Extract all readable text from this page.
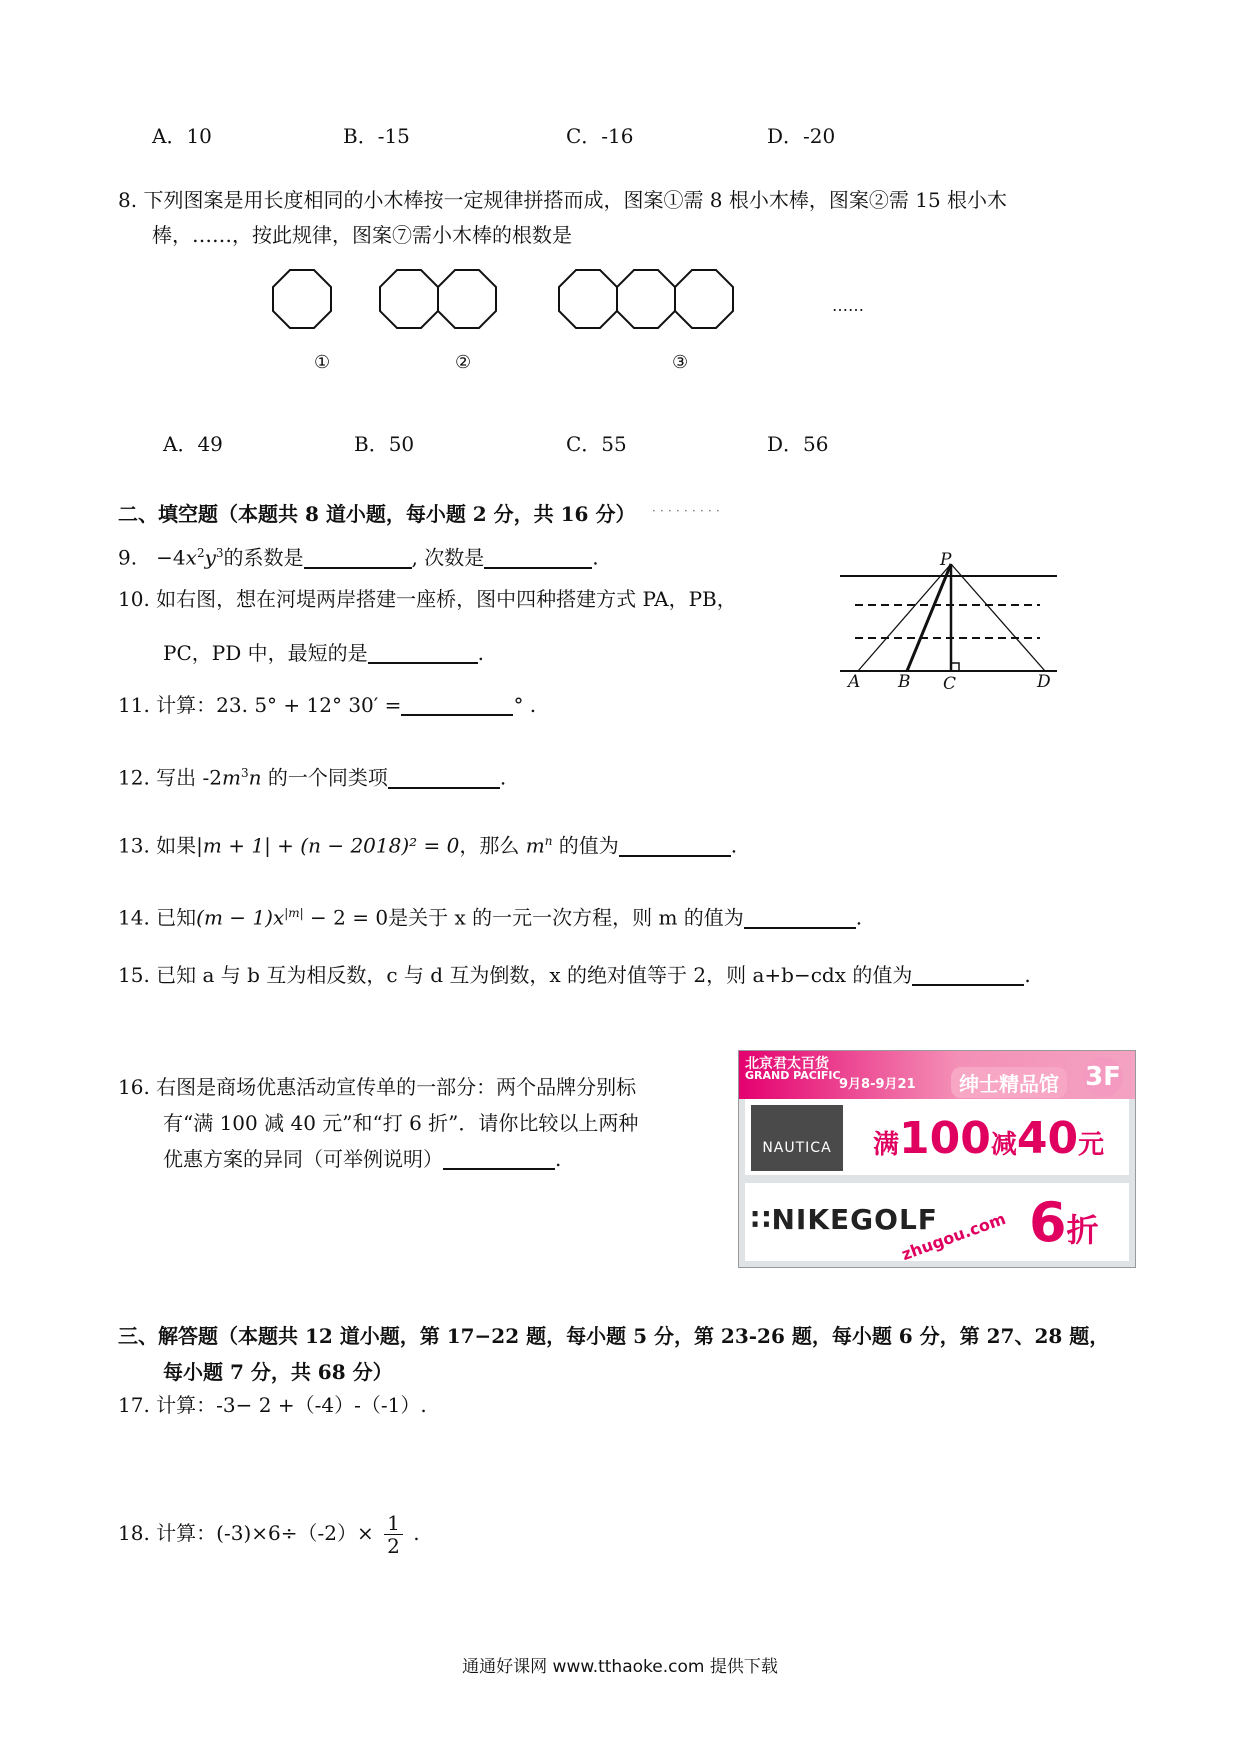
A．10	B．-15	C．-16	D．-20
8. 下列图案是用长度相同的小木棒按一定规律拼搭而成，图案①需 8 根小木棒，图案②需 15 根小木
棒，……，按此规律，图案⑦需小木棒的根数是
①	②	③
……
A．49	B．50	C．55	D．56
二、填空题（本题共 8 道小题，每小题 2 分，共 16 分） ．．．．．．．．．
9. $-4x^2y^3$的系数是	, 次数是	.
10. 如右图，想在河堤两岸搭建一座桥，图中四种搭建方式 PA，PB，
PC，PD 中，最短的是	.
P
A B C	D
11. 计算：23. 5° + 12° 30′ =	° .
12. 写出 $-2m^3n$ 的一个同类项	.
13. 如果|m + 1| + (n − 2018)² = 0，那么 $m^n$ 的值为	.
14. 已知$(m - 1)x^{|m|} - 2 = 0$是关于 x 的一元一次方程，则 m 的值为	.
15. 已知 a 与 b 互为相反数，c 与 d 互为倒数，x 的绝对值等于 2，则 a+b−cdx 的值为	.
16. 右图是商场优惠活动宣传单的一部分：两个品牌分别标
有“满 100 减 40 元”和“打 6 折”．请你比较以上两种
优惠方案的异同（可举例说明）	.
北京君太百货
GRAND PACIFIC
9月8-9月21	绅士精品馆	3F
NAUTICA	满100减40元
∷NIKEGOLF 6折
zhugou.com
三、解答题（本题共 12 道小题，第 17−22 题，每小题 5 分，第 23-26 题，每小题 6 分，第 27、28 题，
每小题 7 分，共 68 分）
17. 计算：-3− 2 +（-4）-（-1）.
18. 计算：$(-3)\times 6\div(-2)\times \frac{1}{2}$ .
通通好课网 www.tthaoke.com 提供下载
